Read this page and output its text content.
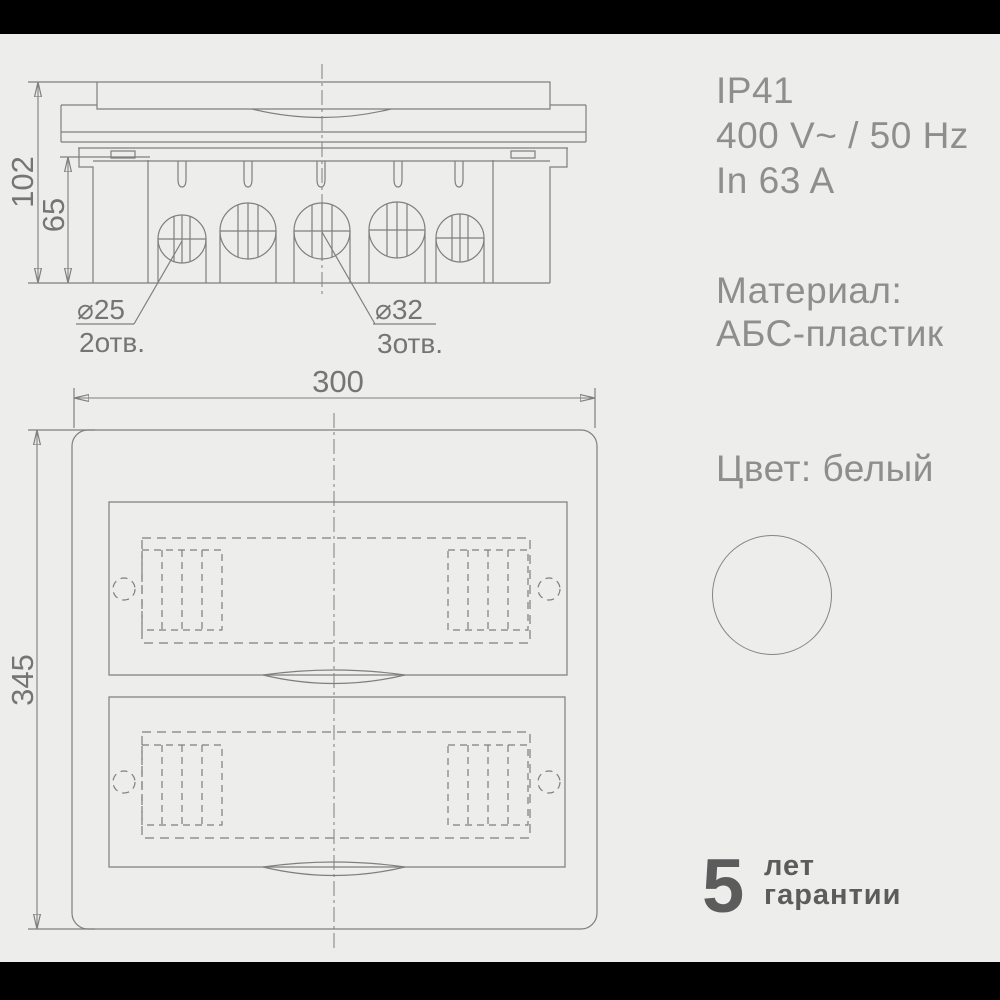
102
65
⌀25
2отв.
⌀32
3отв.
300
345
IP41
400 V~ / 50 Hz
In 63 A
Материал:
АБС-пластик
Цвет: белый
5 лет
гарантии
